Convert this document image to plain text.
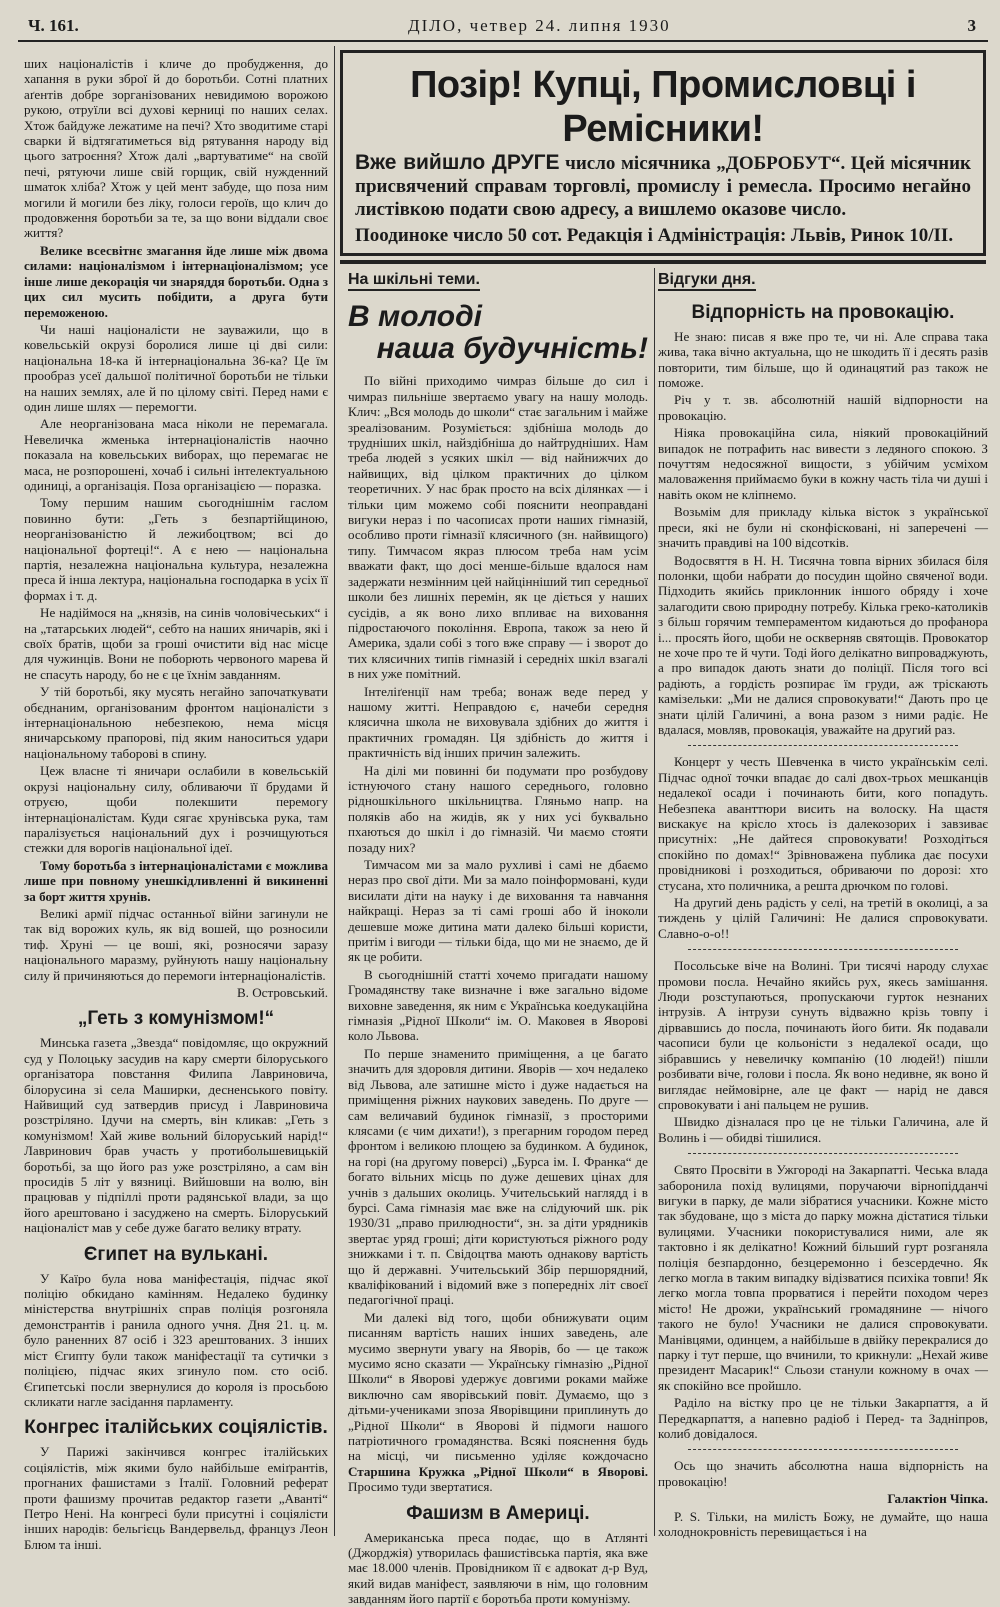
Ч. 161.	ДІЛО, четвер 24. липня 1930	3

ших націоналістів і кличе до пробудження, до хапання в руки зброї й до боротьби. Сотні платних аґентів добре зорганізованих невидимою ворожою рукою, отруїли всі духові керниці по наших селах. Хтож байдуже лежатиме на печі? Хто зводитиме старі сварки й відтягатиметься від рятування народу від цього затроєння? Хтож далі „вартуватиме“ на своїй печі, рятуючи лише свій горщик, свій нужденний шматок хліба? Хтож у цей мент забуде, що поза ним могили й могили без ліку, голоси героїв, що клич до продовження боротьби за те, за що вони віддали своє життя?

Велике всесвітнє змагання йде лише між двома силами: націоналізмом і інтернаціоналізмом; усе інше лише декорація чи знаряддя боротьби. Одна з цих сил мусить побідити, а друга бути переможеною.

Чи наші націоналісти не зауважили, що в ковельській окрузі боролися лише ці дві сили: національна 18-ка й інтернаціональна 36-ка? Це їм прообраз усеї дальшої політичної боротьби не тільки на наших землях, але й по цілому світі. Перед нами є один лише шлях — перемогти.

Але неорганізована маса ніколи не перемагала. Невеличка жменька інтернаціоналістів наочно показала на ковельських виборах, що перемагає не маса, не розпорошені, хочаб і сильні інтелектуальною одиниці, а організація. Поза організацією — поразка.

Тому першим нашим сьогоднішнім гаслом повинно бути: „Геть з безпартійщиною, неорганізованістю й лежибоцтвом; всі до національної фортеці!“. А є нею — національна партія, незалежна національна культура, незалежна преса й інша лектура, національна господарка в усіх її формах і т. д.

Не надіймося на „князів, на синів чоловічеських“ і на „татарських людей“, себто на наших яничарів, які і своїх братів, щоби за гроші очистити від нас місце для чужинців. Вони не поборють червоного марева й не спасуть народу, бо не є це їхнім завданням.

У тій боротьбі, яку мусять негайно започаткувати обєднаним, організованим фронтом націоналісти з інтернаціональною небезпекою, нема місця яничарському прапорові, під яким наноситься удари національному таборові в спину.

Цеж власне ті яничари ослабили в ковельській окрузі національну силу, обливаючи її брудами й отруєю, щоби полекшити перемогу інтернаціоналістам. Куди сягає хрунівська рука, там паралізується національний дух і розчищуються стежки для ворогів національної ідеї.

Тому боротьба з інтернаціоналістами є можлива лише при повному унешкідливленні й викиненні за борт життя хрунів.

Великі армії підчас останньої війни загинули не так від ворожих куль, як від вошей, що розносили тиф. Хруні — це воші, які, розносячи заразу національного маразму, руйнують нашу національну силу й причиняються до перемоги інтернаціоналістів.

В. Островський.

„Геть з комунізмом!“

Минська газета „Звезда“ повідомляє, що окружний суд у Полоцьку засудив на кару смерти білоруського організатора повстання Филипа Лавриновича, білорусина зі села Маширки, десненського повіту. Найвищий суд затвердив присуд і Лавриновича розстріляно. Ідучи на смерть, він кликав: „Геть з комунізмом! Хай живе вольний білоруський нарід!“ Лавринович брав участь у протибольшевицькій боротьбі, за що його раз уже розстріляно, а сам він просидів 5 літ у вязниці. Вийшовши на волю, він працював у підпіллі проти радянської влади, за що його арештовано і засуджено на смерть. Білоруський націоналіст мав у себе дуже багато велику втрату.

Єгипет на вулькані.

У Каїро була нова маніфестація, підчас якої поліцію обкидано камінням. Недалеко будинку міністерства внутрішніх справ поліція розгоняла демонстрантів і ранила одного учня. Дня 21. ц. м. було раненних 87 осіб і 323 арештованих. З інших міст Єгипту були також маніфестації та сутички з поліцією, підчас яких згинуло пом. сто осіб. Єгипетські посли звернулися до короля із просьбою скликати нагле засідання парламенту.

Конгрес італійських соціялістів.

У Парижі закінчився конгрес італійських соціялістів, між якими було найбільше еміґрантів, прогнаних фашистами з Італії. Головний реферат проти фашизму прочитав редактор газети „Аванті“ Петро Нені. На конгресі були присутні і соціялісти інших народів: бельгієць Вандервельд, француз Леон Блюм та інші.

Позір! Купці, Промисловці і Ремісники!
Вже вийшло ДРУГЕ число місячника „ДОБРОБУТ“. Цей місячник присвячений справам торговлі, промислу і ремесла. Просимо негайно листівкою подати свою адресу, а вишлемо оказове число.
Поодиноке число 50 сот. Редакція і Адміністрація: Львів, Ринок 10/II.
На шкільні теми.
В молоді
наша будучність!

По війні приходимо чимраз більше до сил і чимраз пильніше звертаємо увагу на нашу молодь. Клич: „Вся молодь до школи“ стає загальним і майже зреалізованим. Розуміється: здібніша молодь до трудніших шкіл, найздібніша до найтрудніших. Нам треба людей з усяких шкіл — від найнижчих до найвищих, від цілком практичних до цілком теоретичних. У нас брак просто на всіх ділянках — і тільки цим можемо собі пояснити неоправдані вигуки нераз і по часописах проти наших гімназій, особливо проти гімназії клясичного (зн. найвищого) типу. Тимчасом якраз плюсом треба нам усім вважати факт, що досі менше-більше вдалося нам задержати незмінним цей найцінніший тип середньої школи без лишніх перемін, як це діється у наших сусідів, а як воно лихо впливає на виховання підростаючого покоління. Европа, також за нею й Америка, здали собі з того вже справу — і зворот до тих клясичних типів гімназій і середніх шкіл взагалі в них уже помітний.

Інтеліґенції нам треба; вонаж веде перед у нашому житті. Неправдою є, начеби середня клясична школа не виховувала здібних до життя і практичних громадян. Ця здібність до життя і практичність від інших причин залежить.

На ділі ми повинні би подумати про розбудову істнуючого стану нашого середнього, головно рідношкільного шкільництва. Гляньмо напр. на поляків або на жидів, як у них усі буквально пхаються до шкіл і до гімназій. Чи маємо стояти позаду них?

Тимчасом ми за мало рухливі і самі не дбаємо нераз про свої діти. Ми за мало поінформовані, куди висилати діти на науку і де виховання та навчання найкращі. Нераз за ті самі гроші або й іноколи дешевше може дитина мати далеко більші користи, притім і вигоди — тільки біда, що ми не знаємо, де й як це робити.

В сьогоднішній статті хочемо пригадати нашому Громадянству таке визначне і вже загально відоме виховне заведення, як ним є Українська коедукаційна гімназія „Рідної Школи“ ім. О. Маковея в Яворові коло Львова.

По перше знаменито приміщення, а це багато значить для здоровля дитини. Яворів — хоч недалеко від Львова, але затишне місто і дуже надається на приміщення ріжних наукових заведень. По друге — сам величавий будинок гімназії, з просторими клясами (є чим дихати!), з прегарним городом перед фронтом і великою площею за будинком. А будинок, на горі (на другому поверсі) „Бурса ім. І. Франка“ де богато вільних місць по дуже дешевих цінах для учнів з дальших околиць. Учительський наглядд і в бурсі. Сама гімназія має вже на слідуючий шк. рік 1930/31 „право прилюдности“, зн. за діти урядників звертає уряд гроші; діти користуються ріжного роду знижками і т. п. Свідоцтва мають однакову вартість що й державні. Учительський Збір першорядний, кваліфікований і відомий вже з попередніх літ своєї педагогічної праці.

Ми далекі від того, щоби обнижувати оцим писанням вартість наших інших заведень, але мусимо звернути увагу на Яворів, бо — це також мусимо ясно сказати — Українську гімназію „Рідної Школи“ в Яворові удержує довгими роками майже виключно сам яворівський повіт. Думаємо, що з дітьми-учениками зпоза Яворівщини приплинуть до „Рідної Школи“ в Яворові й підмоги нашого патріотичного громадянства. Всякі пояснення будь на місці, чи письменно уділяє кождочасно Старшина Кружка „Рідної Школи“ в Яворові. Просимо туди звертатися.

Фашизм в Америці.

Американська преса подає, що в Атлянті (Джорджія) утворилась фашистівська партія, яка вже має 18.000 членів. Провідником її є адвокат д-р Вуд, який видав маніфест, заявляючи в нім, що головним завданням його партії є боротьба проти комунізму.

Відгуки дня.
Відпорність на провокацію.

Не знаю: писав я вже про те, чи ні. Але справа така жива, така вічно актуальна, що не шкодить її і десять разів повторити, тим більше, що й одинацятий раз також не поможе.

Річ у т. зв. абсолютній нашій відпорности на провокацію.

Ніяка провокаційна сила, ніякий провокаційний випадок не потрафить нас вивести з ледяного спокою. З почуттям недосяжної вищости, з убійчим усміхом маловаження приймаємо буки в кожну часть тіла чи душі і навіть оком не кліпнемо.

Возьмім для прикладу кілька вісток з української преси, які не були ні сконфісковані, ні заперечені — значить правдиві на 100 відсотків.

Водосвяття в Н. Н. Тисячна товпа вірних збилася біля полонки, щоби набрати до посудин щойно свяченої води. Підходить якийсь приклонник іншого обряду і хоче залагодити свою природну потребу. Кілька греко-католиків з більш горячим темпераментом кидаються до профанора і... просять його, щоби не оскверняв святощів. Провокатор не хоче про те й чути. Тоді його делікатно випроваджують, а про випадок дають знати до поліції. Після того всі радіють, а гордість розпирає їм груди, аж тріскають камізельки: „Ми не далися спровокувати!“ Дають про це знати цілій Галичині, а вона разом з ними радіє. Не вдалася, мовляв, провокація, уважайте на другий раз.

Концерт у честь Шевченка в чисто українськім селі. Підчас одної точки впадає до салі двох-трьох мешканців недалекої осади і починають бити, кого попадуть. Небезпека аванттюри висить на волоску. На щастя вискакує на крісло хтось із далекозорих і завзиває присутніх: „Не дайтеся спровокувати! Розходіться спокійно по домах!“ Зрівноважена публика дає посухи провідникові і розходиться, обриваючи по дорозі: хто стусана, хто поличника, а решта дрючком по голові.

На другий день радість у селі, на третій в околиці, а за тиждень у цілій Галичині: Не далися спровокувати. Славно-о-о!!

Посольське віче на Волині. Три тисячі народу слухає промови посла. Нечайно якийсь рух, якесь замішання. Люди розступаються, пропускаючи гурток незнаних інтрузів. А інтрузи сунуть відважно крізь товпу і дірвавшись до посла, починають його бити. Як подавали часописи були це кольоністи з недалекої осади, що зібравшись у невеличку компанію (10 людей!) пішли розбивати віче, голови і посла. Як воно недивне, як воно й виглядає неймовірне, але це факт — нарід не дався спровокувати і ані пальцем не рушив.

Швидко дізналася про це не тільки Галичина, але й Волинь і — обидві тішилися.

Свято Просвіти в Ужгороді на Закарпатті. Чеська влада заборонила похід вулицями, поручаючи вірнопідданчі вигуки в парку, де мали зібратися учасники. Кожне місто так збудоване, що з міста до парку можна дістатися тільки вулицями. Учасники покористувалися ними, але як тактовно і як делікатно! Кожний більший гурт розганяла поліція безпардонно, безцеремонно і безсердечно. Як легко могла в таким випадку відізватися психіка товпи! Як легко могла товпа прорватися і перейти походом через місто! Не дрожи, український громадянине — нічого такого не було! Учасники не далися спровокувати. Манівцями, одинцем, а найбільше в двійку перекралися до парку і тут перше, що вчинили, то крикнули: „Нехай живе президент Масарик!“ Сльози станули кожному в очах — як спокійно все пройшло.

Раділо на вістку про це не тільки Закарпаття, а й Передкарпаття, а напевно радіоб і Перед- та Задніпров, колиб довідалося.

Ось що значить абсолютна наша відпорність на провокацію!

Галактіон Чіпка.

P. S. Тільки, на милість Божу, не думайте, що наша холоднокровність перевищається і на
